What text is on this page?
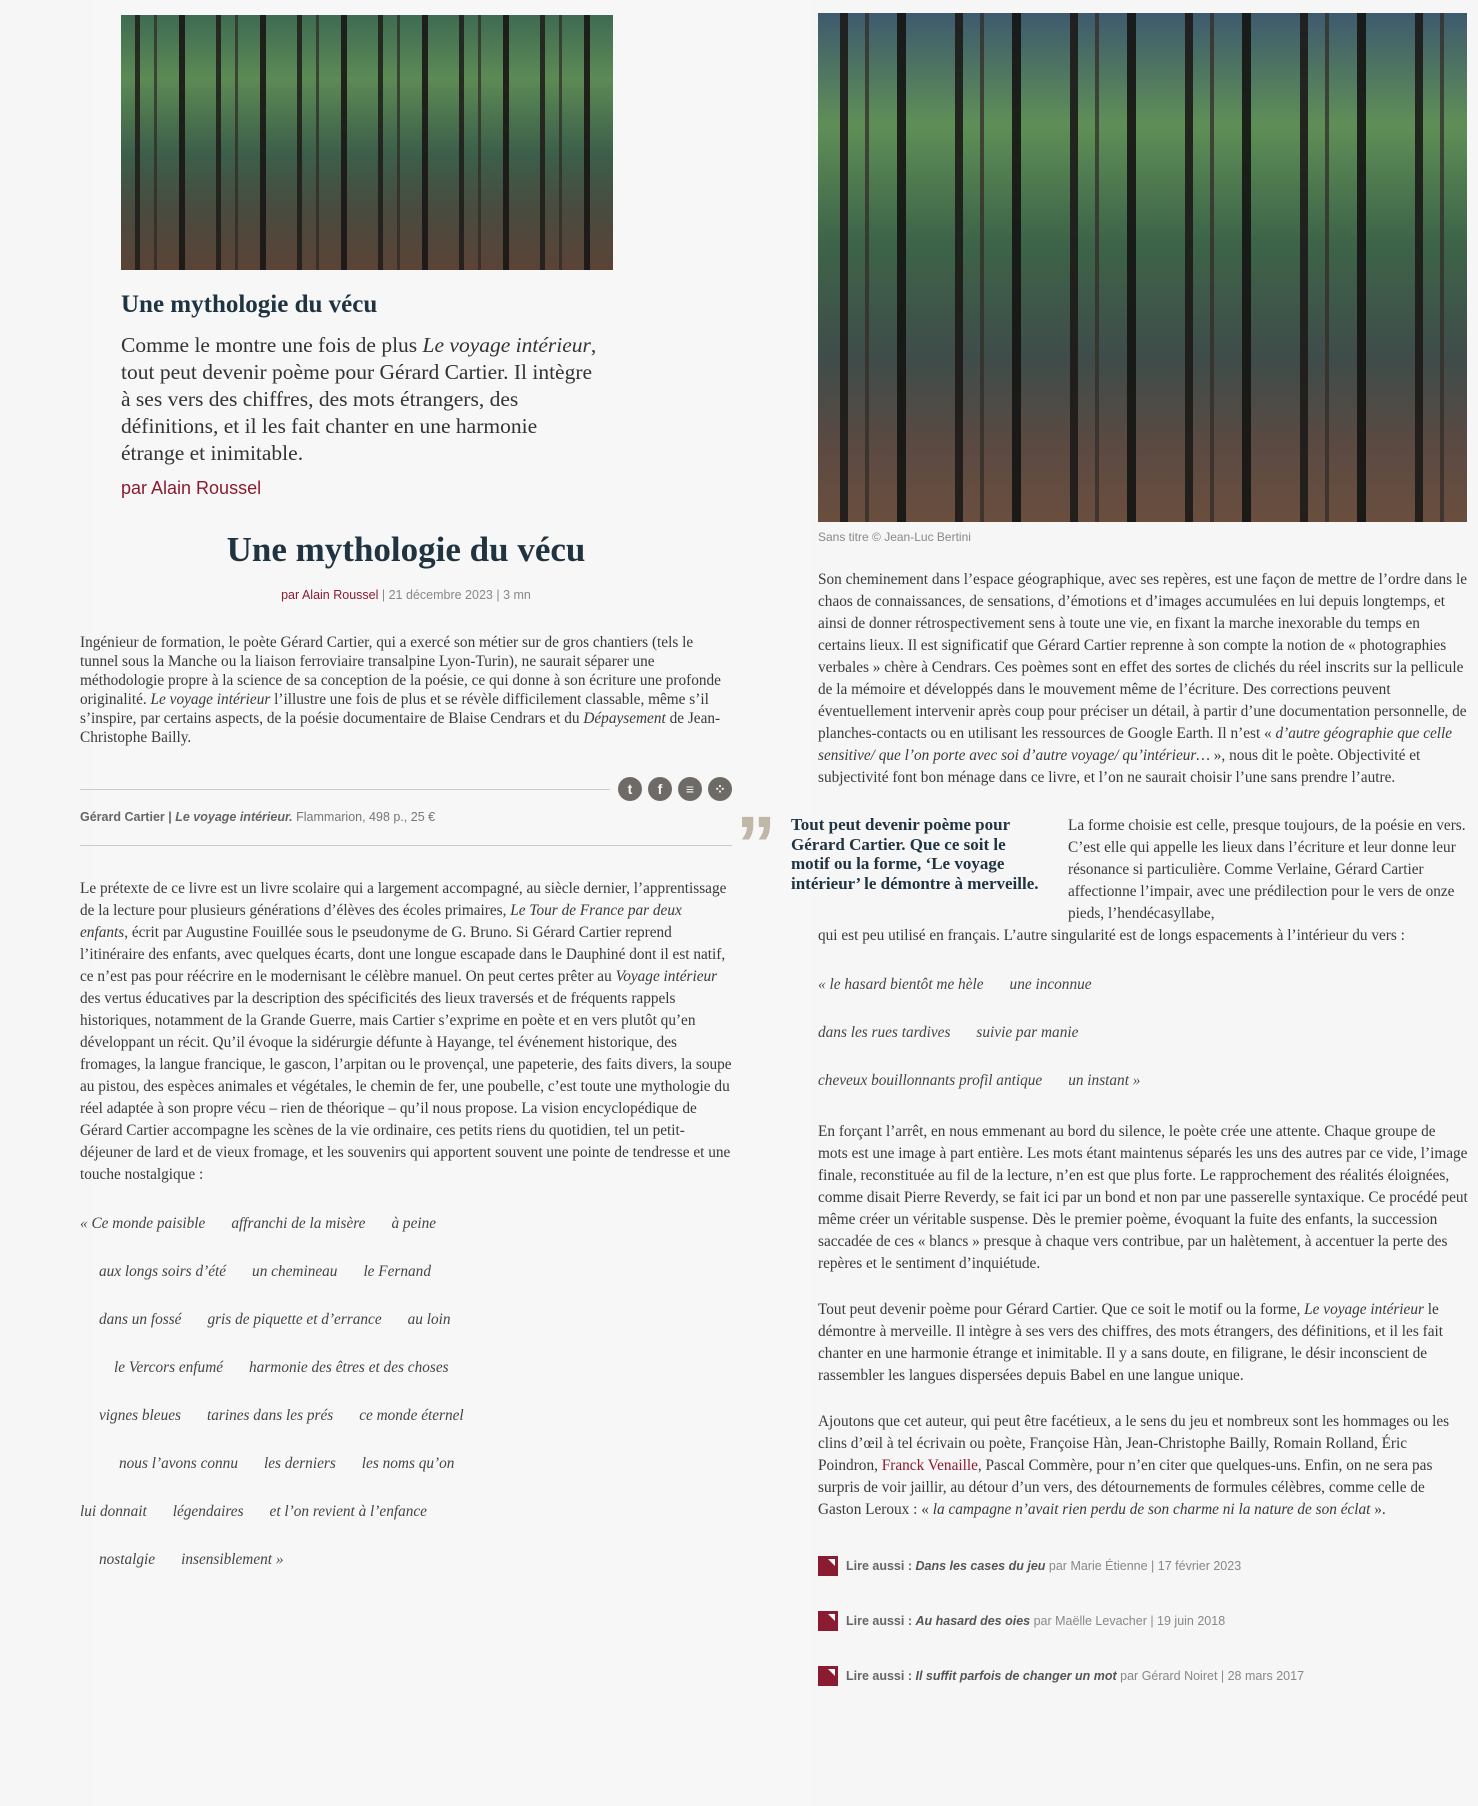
Une mythologie du vécu
Comme le montre une fois de plus Le voyage intérieur, tout peut devenir poème pour Gérard Cartier. Il intègre à ses vers des chiffres, des mots étrangers, des définitions, et il les fait chanter en une harmonie étrange et inimitable.
par Alain Roussel
Une mythologie du vécu
par Alain Roussel | 21 décembre 2023 | 3 mn
Ingénieur de formation, le poète Gérard Cartier, qui a exercé son métier sur de gros chantiers (tels le tunnel sous la Manche ou la liaison ferroviaire transalpine Lyon-Turin), ne saurait séparer une méthodologie propre à la science de sa conception de la poésie, ce qui donne à son écriture une profonde originalité. Le voyage intérieur l’illustre une fois de plus et se révèle difficilement classable, même s’il s’inspire, par certains aspects, de la poésie documentaire de Blaise Cendrars et du Dépaysement de Jean-Christophe Bailly.
t	f	≡	⁘
Gérard Cartier | Le voyage intérieur. Flammarion, 498 p., 25 €
Le prétexte de ce livre est un livre scolaire qui a largement accompagné, au siècle dernier, l’apprentissage de la lecture pour plusieurs générations d’élèves des écoles primaires, Le Tour de France par deux enfants, écrit par Augustine Fouillée sous le pseudonyme de G. Bruno. Si Gérard Cartier reprend l’itinéraire des enfants, avec quelques écarts, dont une longue escapade dans le Dauphiné dont il est natif, ce n’est pas pour réécrire en le modernisant le célèbre manuel. On peut certes prêter au Voyage intérieur des vertus éducatives par la description des spécificités des lieux traversés et de fréquents rappels historiques, notamment de la Grande Guerre, mais Cartier s’exprime en poète et en vers plutôt qu’en développant un récit. Qu’il évoque la sidérurgie défunte à Hayange, tel événement historique, des fromages, la langue francique, le gascon, l’arpitan ou le provençal, une papeterie, des faits divers, la soupe au pistou, des espèces animales et végétales, le chemin de fer, une poubelle, c’est toute une mythologie du réel adaptée à son propre vécu – rien de théorique – qu’il nous propose. La vision encyclopédique de Gérard Cartier accompagne les scènes de la vie ordinaire, ces petits riens du quotidien, tel un petit-déjeuner de lard et de vieux fromage, et les souvenirs qui apportent souvent une pointe de tendresse et une touche nostalgique :
« Ce monde paisible affranchi de la misère à peine
aux longs soirs d’été un chemineau le Fernand
dans un fossé gris de piquette et d’errance au loin
le Vercors enfumé harmonie des êtres et des choses
vignes bleues tarines dans les prés ce monde éternel
nous l’avons connu les derniers les noms qu’on
lui donnait légendaires et l’on revient à l’enfance
nostalgie insensiblement »
Sans titre © Jean-Luc Bertini
Son cheminement dans l’espace géographique, avec ses repères, est une façon de mettre de l’ordre dans le chaos de connaissances, de sensations, d’émotions et d’images accumulées en lui depuis longtemps, et ainsi de donner rétrospectivement sens à toute une vie, en fixant la marche inexorable du temps en certains lieux. Il est significatif que Gérard Cartier reprenne à son compte la notion de « photographies verbales » chère à Cendrars. Ces poèmes sont en effet des sortes de clichés du réel inscrits sur la pellicule de la mémoire et développés dans le mouvement même de l’écriture. Des corrections peuvent éventuellement intervenir après coup pour préciser un détail, à partir d’une documentation personnelle, de planches-contacts ou en utilisant les ressources de Google Earth. Il n’est « d’autre géographie que celle sensitive/ que l’on porte avec soi d’autre voyage/ qu’intérieur… », nous dit le poète. Objectivité et subjectivité font bon ménage dans ce livre, et l’on ne saurait choisir l’une sans prendre l’autre.
” Tout peut devenir poème pour Gérard Cartier. Que ce soit le motif ou la forme, ‘Le voyage intérieur’ le démontre à merveille.
La forme choisie est celle, presque toujours, de la poésie en vers. C’est elle qui appelle les lieux dans l’écriture et leur donne leur résonance si particulière. Comme Verlaine, Gérard Cartier affectionne l’impair, avec une prédilection pour le vers de onze pieds, l’hendécasyllabe,
qui est peu utilisé en français. L’autre singularité est de longs espacements à l’intérieur du vers :
« le hasard bientôt me hèle une inconnue
dans les rues tardives suivie par manie
cheveux bouillonnants profil antique un instant »
En forçant l’arrêt, en nous emmenant au bord du silence, le poète crée une attente. Chaque groupe de mots est une image à part entière. Les mots étant maintenus séparés les uns des autres par ce vide, l’image finale, reconstituée au fil de la lecture, n’en est que plus forte. Le rapprochement des réalités éloignées, comme disait Pierre Reverdy, se fait ici par un bond et non par une passerelle syntaxique. Ce procédé peut même créer un véritable suspense. Dès le premier poème, évoquant la fuite des enfants, la succession saccadée de ces « blancs » presque à chaque vers contribue, par un halètement, à accentuer la perte des repères et le sentiment d’inquiétude.
Tout peut devenir poème pour Gérard Cartier. Que ce soit le motif ou la forme, Le voyage intérieur le démontre à merveille. Il intègre à ses vers des chiffres, des mots étrangers, des définitions, et il les fait chanter en une harmonie étrange et inimitable. Il y a sans doute, en filigrane, le désir inconscient de rassembler les langues dispersées depuis Babel en une langue unique.
Ajoutons que cet auteur, qui peut être facétieux, a le sens du jeu et nombreux sont les hommages ou les clins d’œil à tel écrivain ou poète, Françoise Hàn, Jean-Christophe Bailly, Romain Rolland, Éric Poindron, Franck Venaille, Pascal Commère, pour n’en citer que quelques-uns. Enfin, on ne sera pas surpris de voir jaillir, au détour d’un vers, des détournements de formules célèbres, comme celle de Gaston Leroux : « la campagne n’avait rien perdu de son charme ni la nature de son éclat ».
Lire aussi : Dans les cases du jeu par Marie Étienne | 17 février 2023
Lire aussi : Au hasard des oies par Maëlle Levacher | 19 juin 2018
Lire aussi : Il suffit parfois de changer un mot par Gérard Noiret | 28 mars 2017
